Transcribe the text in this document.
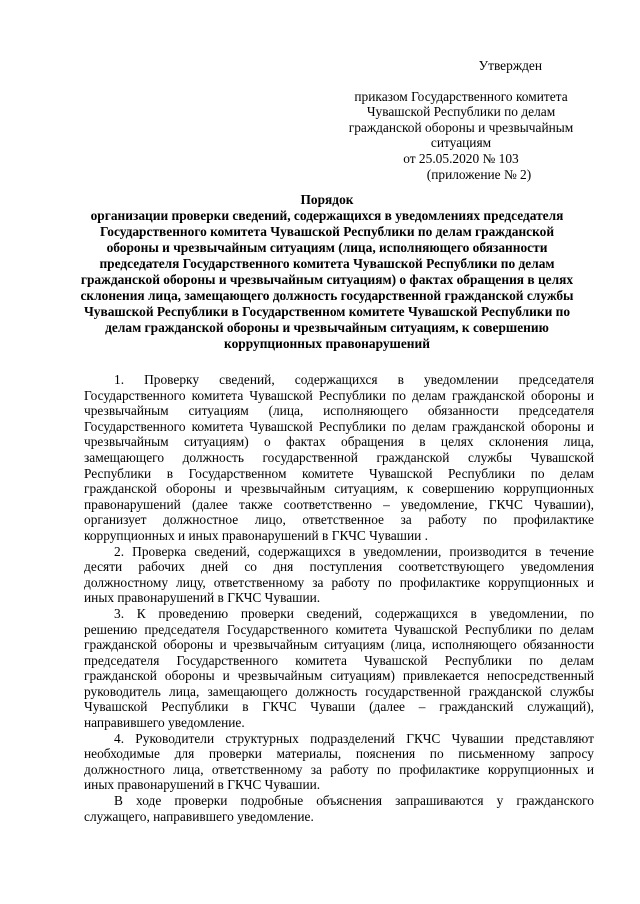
Утвержден
приказом Государственного комитета
Чувашской Республики по делам
гражданской обороны и чрезвычайным
ситуациям
от 25.05.2020 № 103
(приложение № 2)
Порядок
организации проверки сведений, содержащихся в уведомлениях председателя
Государственного комитета Чувашской Республики по делам гражданской
обороны и чрезвычайным ситуациям (лица, исполняющего обязанности
председателя Государственного комитета Чувашской Республики по делам
гражданской обороны и чрезвычайным ситуациям) о фактах обращения в целях
склонения лица, замещающего должность государственной гражданской службы
Чувашской Республики в Государственном комитете Чувашской Республики по
делам гражданской обороны и чрезвычайным ситуациям, к совершению
коррупционных правонарушений
1. Проверку сведений, содержащихся в уведомлении председателя
Государственного комитета Чувашской Республики по делам гражданской обороны и
чрезвычайным ситуациям (лица, исполняющего обязанности председателя
Государственного комитета Чувашской Республики по делам гражданской обороны и
чрезвычайным ситуациям) о фактах обращения в целях склонения лица,
замещающего должность государственной гражданской службы Чувашской
Республики в Государственном комитете Чувашской Республики по делам
гражданской обороны и чрезвычайным ситуациям, к совершению коррупционных
правонарушений (далее также соответственно – уведомление, ГКЧС Чувашии),
организует должностное лицо, ответственное за работу по профилактике
коррупционных и иных правонарушений в ГКЧС Чувашии .
2. Проверка сведений, содержащихся в уведомлении, производится в течение
десяти рабочих дней со дня поступления соответствующего уведомления
должностному лицу, ответственному за работу по профилактике коррупционных и
иных правонарушений в ГКЧС Чувашии.
3. К проведению проверки сведений, содержащихся в уведомлении, по
решению председателя Государственного комитета Чувашской Республики по делам
гражданской обороны и чрезвычайным ситуациям (лица, исполняющего обязанности
председателя Государственного комитета Чувашской Республики по делам
гражданской обороны и чрезвычайным ситуациям) привлекается непосредственный
руководитель лица, замещающего должность государственной гражданской службы
Чувашской Республики в ГКЧС Чуваши (далее – гражданский служащий),
направившего уведомление.
4. Руководители структурных подразделений ГКЧС Чувашии представляют
необходимые для проверки материалы, пояснения по письменному запросу
должностного лица, ответственному за работу по профилактике коррупционных и
иных правонарушений в ГКЧС Чувашии.
В ходе проверки подробные объяснения запрашиваются у гражданского
служащего, направившего уведомление.
